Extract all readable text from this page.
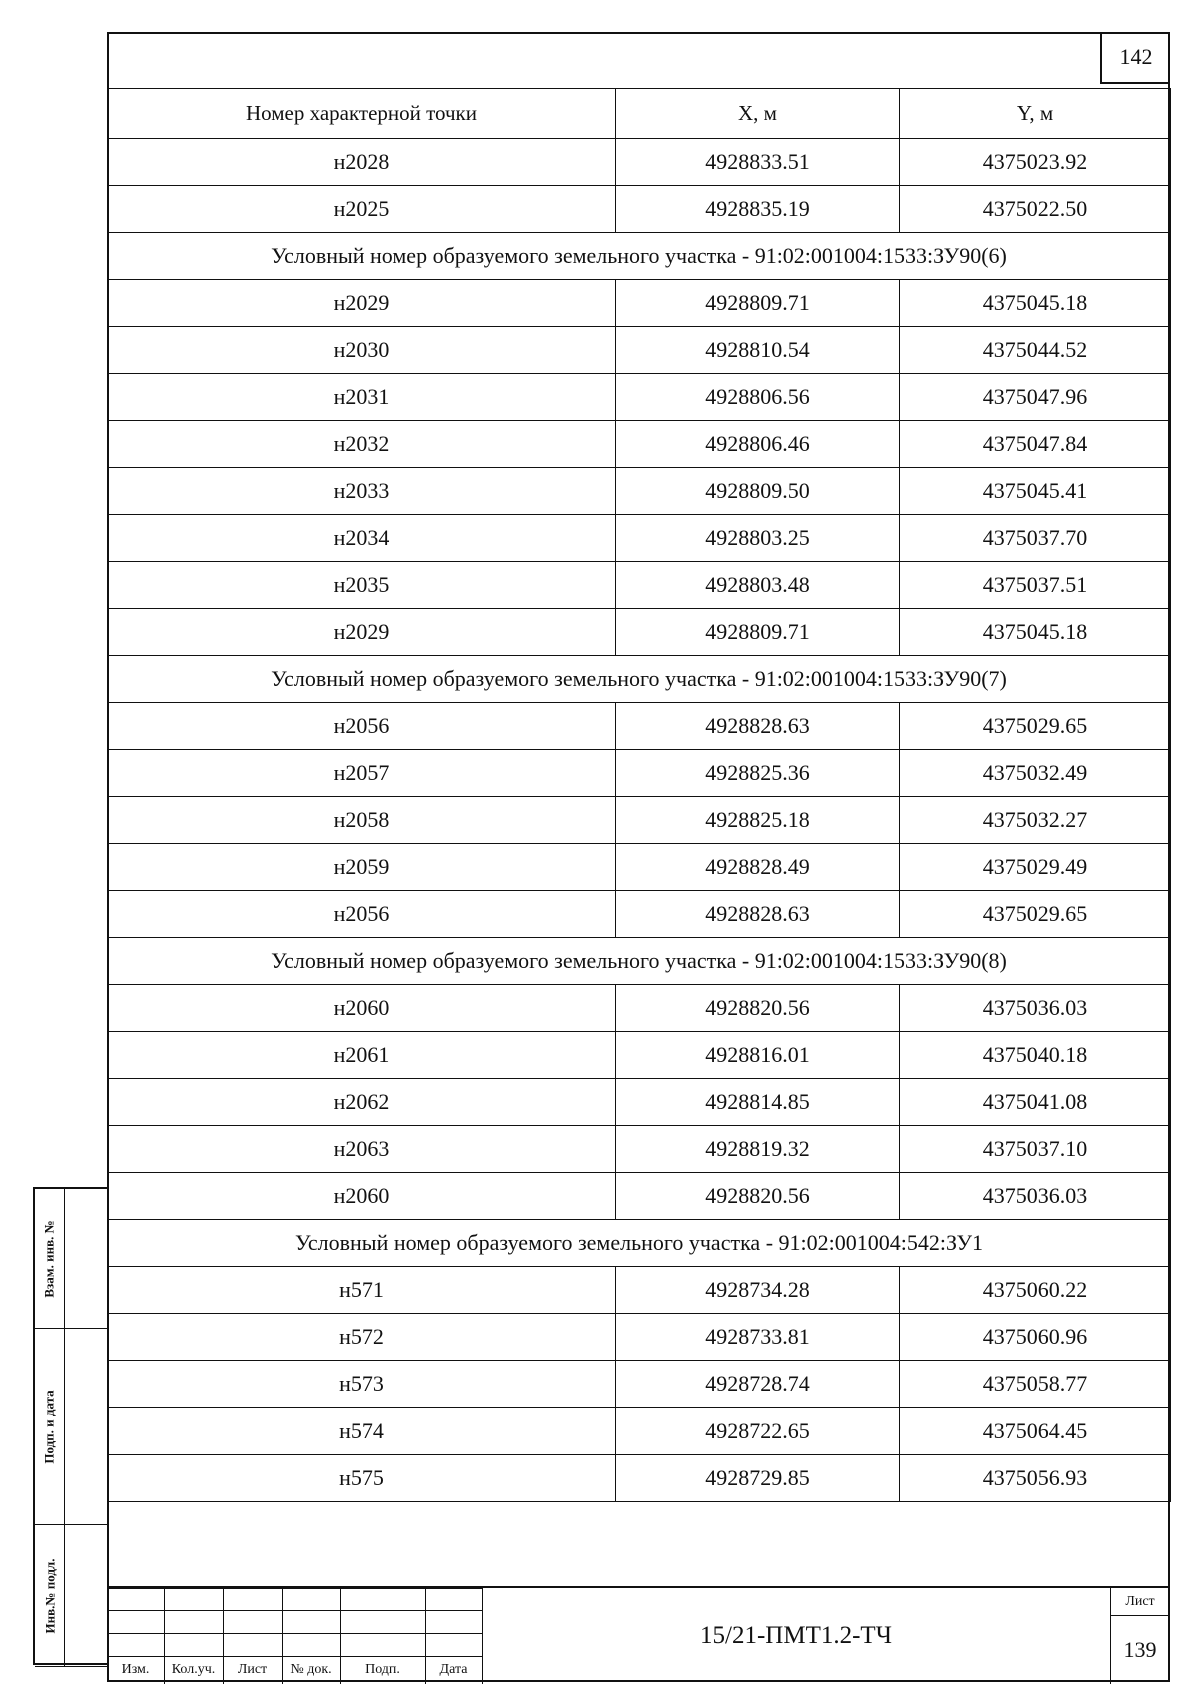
142
Номер характерной точки	X, м	Y, м
н2028	4928833.51	4375023.92
н2025	4928835.19	4375022.50
Условный номер образуемого земельного участка - 91:02:001004:1533:ЗУ90(6)		
н2029	4928809.71	4375045.18
н2030	4928810.54	4375044.52
н2031	4928806.56	4375047.96
н2032	4928806.46	4375047.84
н2033	4928809.50	4375045.41
н2034	4928803.25	4375037.70
н2035	4928803.48	4375037.51
н2029	4928809.71	4375045.18
Условный номер образуемого земельного участка - 91:02:001004:1533:ЗУ90(7)		
н2056	4928828.63	4375029.65
н2057	4928825.36	4375032.49
н2058	4928825.18	4375032.27
н2059	4928828.49	4375029.49
н2056	4928828.63	4375029.65
Условный номер образуемого земельного участка - 91:02:001004:1533:ЗУ90(8)		
н2060	4928820.56	4375036.03
н2061	4928816.01	4375040.18
н2062	4928814.85	4375041.08
н2063	4928819.32	4375037.10
н2060	4928820.56	4375036.03
Условный номер образуемого земельного участка - 91:02:001004:542:ЗУ1		
н571	4928734.28	4375060.22
н572	4928733.81	4375060.96
н573	4928728.74	4375058.77
н574	4928722.65	4375064.45
н575	4928729.85	4375056.93
Взам. инв. №
Подп. и дата
Инв.№ подл.
Изм.	Кол.уч.	Лист	№ док.	Подп.	Дата
15/21-ПМТ1.2-ТЧ
Лист
139
